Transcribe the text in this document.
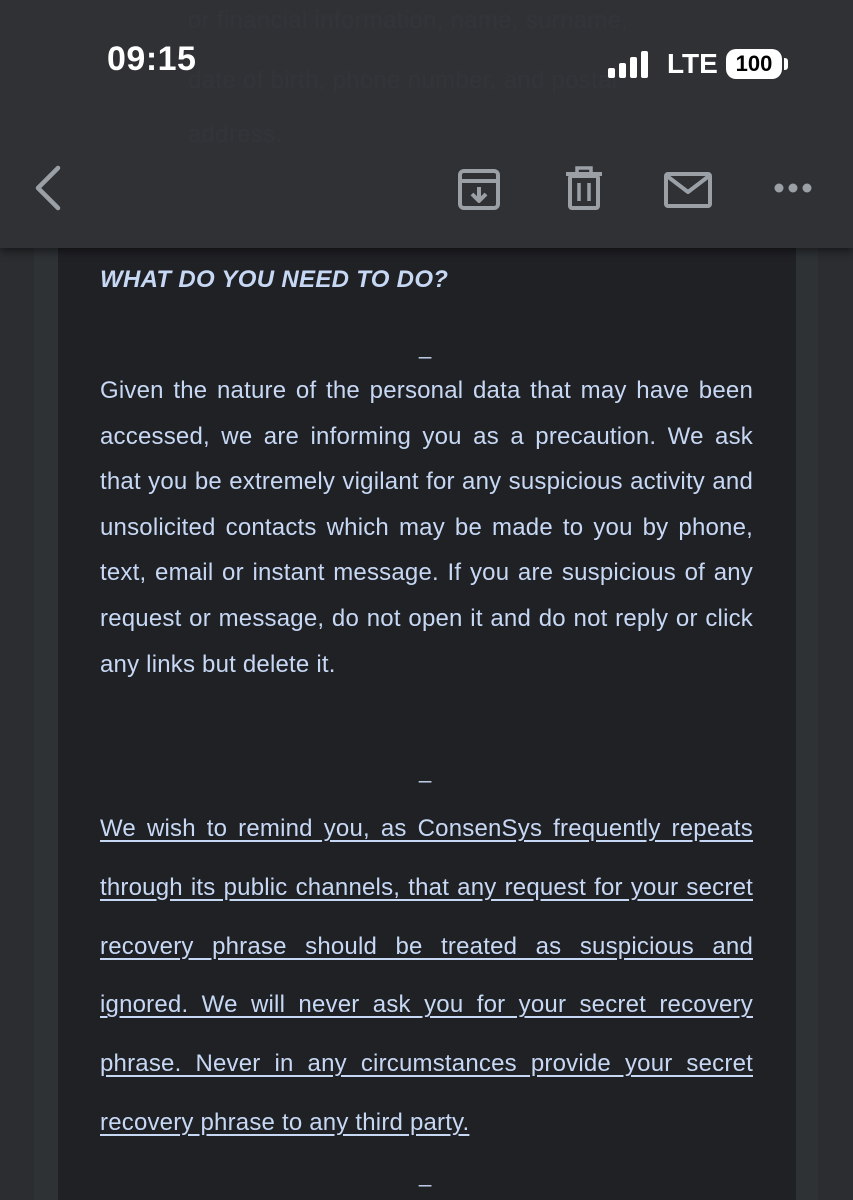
09:15	LTE 100
WHAT DO YOU NEED TO DO?
_
Given the nature of the personal data that may have been accessed, we are informing you as a precaution. We ask that you be extremely vigilant for any suspicious activity and unsolicited contacts which may be made to you by phone, text, email or instant message. If you are suspicious of any request or message, do not open it and do not reply or click any links but delete it.
_
We wish to remind you, as ConsenSys frequently repeats through its public channels, that any request for your secret recovery phrase should be treated as suspicious and ignored. We will never ask you for your secret recovery phrase. Never in any circumstances provide your secret recovery phrase to any third party.
_
